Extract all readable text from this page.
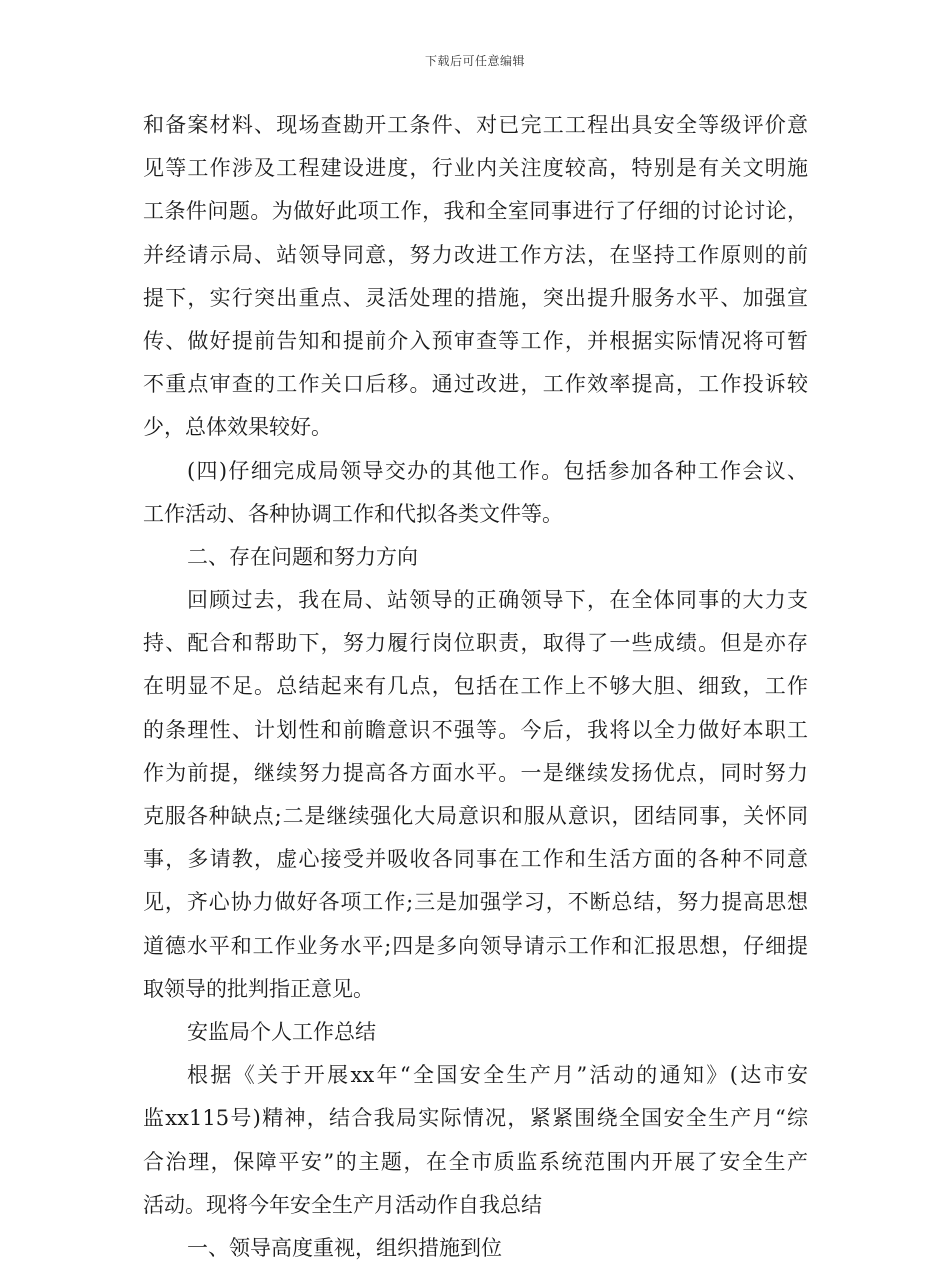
下载后可任意编辑
和备案材料、现场查勘开工条件、对已完工工程出具安全等级评价意
见等工作涉及工程建设进度，行业内关注度较高，特别是有关文明施
工条件问题。为做好此项工作，我和全室同事进行了仔细的讨论讨论，
并经请示局、站领导同意，努力改进工作方法，在坚持工作原则的前
提下，实行突出重点、灵活处理的措施，突出提升服务水平、加强宣
传、做好提前告知和提前介入预审查等工作，并根据实际情况将可暂
不重点审查的工作关口后移。通过改进，工作效率提高，工作投诉较
少，总体效果较好。
(四)仔细完成局领导交办的其他工作。包括参加各种工作会议、
工作活动、各种协调工作和代拟各类文件等。
二、存在问题和努力方向
回顾过去，我在局、站领导的正确领导下，在全体同事的大力支
持、配合和帮助下，努力履行岗位职责，取得了一些成绩。但是亦存
在明显不足。总结起来有几点，包括在工作上不够大胆、细致，工作
的条理性、计划性和前瞻意识不强等。今后，我将以全力做好本职工
作为前提，继续努力提高各方面水平。一是继续发扬优点，同时努力
克服各种缺点;二是继续强化大局意识和服从意识，团结同事，关怀同
事，多请教，虚心接受并吸收各同事在工作和生活方面的各种不同意
见，齐心协力做好各项工作;三是加强学习，不断总结，努力提高思想
道德水平和工作业务水平;四是多向领导请示工作和汇报思想，仔细提
取领导的批判指正意见。
安监局个人工作总结
根据《关于开展xx年“全国安全生产月”活动的通知》(达市安
监xx115号)精神，结合我局实际情况，紧紧围绕全国安全生产月“综
合治理，保障平安”的主题，在全市质监系统范围内开展了安全生产
活动。现将今年安全生产月活动作自我总结
一、领导高度重视，组织措施到位
